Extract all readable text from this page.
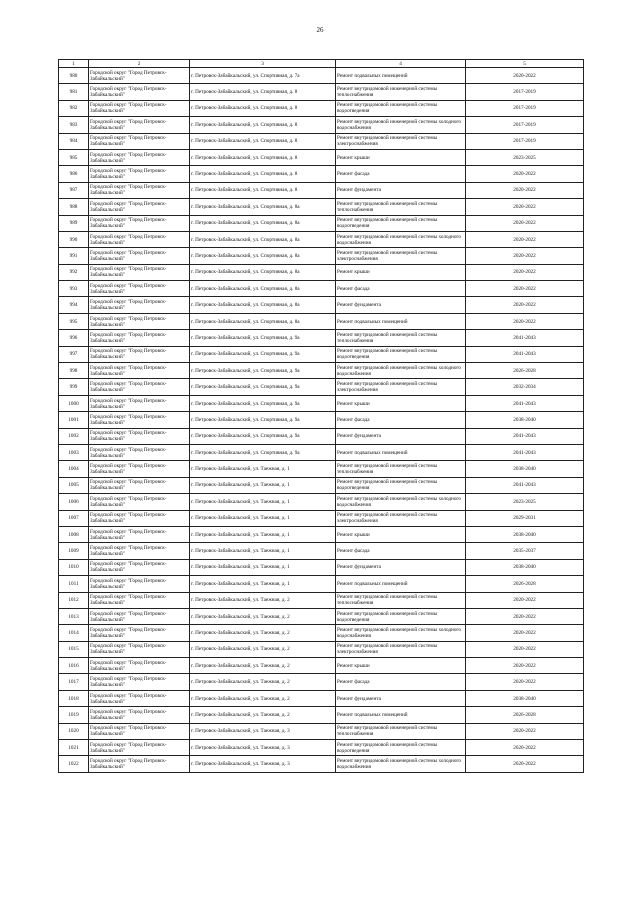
26
1	2	3	4	5
980	Городской округ "Город Петровск-Забайкальский"	г. Петровск-Забайкальский, ул. Спортивная, д. 7а	Ремонт подвальных помещений	2020-2022
981	Городской округ "Город Петровск-Забайкальский"	г. Петровск-Забайкальский, ул. Спортивная, д. 8	Ремонт внутридомовой инженерной системы теплоснабжения	2017-2019
982	Городской округ "Город Петровск-Забайкальский"	г. Петровск-Забайкальский, ул. Спортивная, д. 8	Ремонт внутридомовой инженерной системы водоотведения	2017-2019
983	Городской округ "Город Петровск-Забайкальский"	г. Петровск-Забайкальский, ул. Спортивная, д. 8	Ремонт внутридомовой инженерной системы холодного водоснабжения	2017-2019
984	Городской округ "Город Петровск-Забайкальский"	г. Петровск-Забайкальский, ул. Спортивная, д. 8	Ремонт внутридомовой инженерной системы электроснабжения	2017-2019
985	Городской округ "Город Петровск-Забайкальский"	г. Петровск-Забайкальский, ул. Спортивная, д. 8	Ремонт крыши	2023-2025
986	Городской округ "Город Петровск-Забайкальский"	г. Петровск-Забайкальский, ул. Спортивная, д. 8	Ремонт фасада	2020-2022
987	Городской округ "Город Петровск-Забайкальский"	г. Петровск-Забайкальский, ул. Спортивная, д. 8	Ремонт фундамента	2020-2022
988	Городской округ "Город Петровск-Забайкальский"	г. Петровск-Забайкальский, ул. Спортивная, д. 8а	Ремонт внутридомовой инженерной системы теплоснабжения	2020-2022
989	Городской округ "Город Петровск-Забайкальский"	г. Петровск-Забайкальский, ул. Спортивная, д. 8а	Ремонт внутридомовой инженерной системы водоотведения	2020-2022
990	Городской округ "Город Петровск-Забайкальский"	г. Петровск-Забайкальский, ул. Спортивная, д. 8а	Ремонт внутридомовой инженерной системы холодного водоснабжения	2020-2022
991	Городской округ "Город Петровск-Забайкальский"	г. Петровск-Забайкальский, ул. Спортивная, д. 8а	Ремонт внутридомовой инженерной системы электроснабжения	2020-2022
992	Городской округ "Город Петровск-Забайкальский"	г. Петровск-Забайкальский, ул. Спортивная, д. 8а	Ремонт крыши	2020-2022
993	Городской округ "Город Петровск-Забайкальский"	г. Петровск-Забайкальский, ул. Спортивная, д. 8а	Ремонт фасада	2020-2022
994	Городской округ "Город Петровск-Забайкальский"	г. Петровск-Забайкальский, ул. Спортивная, д. 8а	Ремонт фундамента	2020-2022
995	Городской округ "Город Петровск-Забайкальский"	г. Петровск-Забайкальский, ул. Спортивная, д. 8а	Ремонт подвальных помещений	2020-2022
996	Городской округ "Город Петровск-Забайкальский"	г. Петровск-Забайкальский, ул. Спортивная, д. 9а	Ремонт внутридомовой инженерной системы теплоснабжения	2041-2043
997	Городской округ "Город Петровск-Забайкальский"	г. Петровск-Забайкальский, ул. Спортивная, д. 9а	Ремонт внутридомовой инженерной системы водоотведения	2041-2043
998	Городской округ "Город Петровск-Забайкальский"	г. Петровск-Забайкальский, ул. Спортивная, д. 9а	Ремонт внутридомовой инженерной системы холодного водоснабжения	2026-2028
999	Городской округ "Город Петровск-Забайкальский"	г. Петровск-Забайкальский, ул. Спортивная, д. 9а	Ремонт внутридомовой инженерной системы электроснабжения	2032-2034
1000	Городской округ "Город Петровск-Забайкальский"	г. Петровск-Забайкальский, ул. Спортивная, д. 9а	Ремонт крыши	2041-2043
1001	Городской округ "Город Петровск-Забайкальский"	г. Петровск-Забайкальский, ул. Спортивная, д. 9а	Ремонт фасада	2038-2040
1002	Городской округ "Город Петровск-Забайкальский"	г. Петровск-Забайкальский, ул. Спортивная, д. 9а	Ремонт фундамента	2041-2043
1003	Городской округ "Город Петровск-Забайкальский"	г. Петровск-Забайкальский, ул. Спортивная, д. 9а	Ремонт подвальных помещений	2041-2043
1004	Городской округ "Город Петровск-Забайкальский"	г. Петровск-Забайкальский, ул. Таежная, д. 1	Ремонт внутридомовой инженерной системы теплоснабжения	2038-2040
1005	Городской округ "Город Петровск-Забайкальский"	г. Петровск-Забайкальский, ул. Таежная, д. 1	Ремонт внутридомовой инженерной системы водоотведения	2041-2043
1006	Городской округ "Город Петровск-Забайкальский"	г. Петровск-Забайкальский, ул. Таежная, д. 1	Ремонт внутридомовой инженерной системы холодного водоснабжения	2023-2025
1007	Городской округ "Город Петровск-Забайкальский"	г. Петровск-Забайкальский, ул. Таежная, д. 1	Ремонт внутридомовой инженерной системы электроснабжения	2029-2031
1008	Городской округ "Город Петровск-Забайкальский"	г. Петровск-Забайкальский, ул. Таежная, д. 1	Ремонт крыши	2038-2040
1009	Городской округ "Город Петровск-Забайкальский"	г. Петровск-Забайкальский, ул. Таежная, д. 1	Ремонт фасада	2035-2037
1010	Городской округ "Город Петровск-Забайкальский"	г. Петровск-Забайкальский, ул. Таежная, д. 1	Ремонт фундамента	2038-2040
1011	Городской округ "Город Петровск-Забайкальский"	г. Петровск-Забайкальский, ул. Таежная, д. 1	Ремонт подвальных помещений	2026-2028
1012	Городской округ "Город Петровск-Забайкальский"	г. Петровск-Забайкальский, ул. Таежная, д. 2	Ремонт внутридомовой инженерной системы теплоснабжения	2020-2022
1013	Городской округ "Город Петровск-Забайкальский"	г. Петровск-Забайкальский, ул. Таежная, д. 2	Ремонт внутридомовой инженерной системы водоотведения	2020-2022
1014	Городской округ "Город Петровск-Забайкальский"	г. Петровск-Забайкальский, ул. Таежная, д. 2	Ремонт внутридомовой инженерной системы холодного водоснабжения	2020-2022
1015	Городской округ "Город Петровск-Забайкальский"	г. Петровск-Забайкальский, ул. Таежная, д. 2	Ремонт внутридомовой инженерной системы электроснабжения	2020-2022
1016	Городской округ "Город Петровск-Забайкальский"	г. Петровск-Забайкальский, ул. Таежная, д. 2	Ремонт крыши	2020-2022
1017	Городской округ "Город Петровск-Забайкальский"	г. Петровск-Забайкальский, ул. Таежная, д. 2	Ремонт фасада	2020-2022
1018	Городской округ "Город Петровск-Забайкальский"	г. Петровск-Забайкальский, ул. Таежная, д. 2	Ремонт фундамента	2038-2040
1019	Городской округ "Город Петровск-Забайкальский"	г. Петровск-Забайкальский, ул. Таежная, д. 2	Ремонт подвальных помещений	2026-2028
1020	Городской округ "Город Петровск-Забайкальский"	г. Петровск-Забайкальский, ул. Таежная, д. 3	Ремонт внутридомовой инженерной системы теплоснабжения	2020-2022
1021	Городской округ "Город Петровск-Забайкальский"	г. Петровск-Забайкальский, ул. Таежная, д. 3	Ремонт внутридомовой инженерной системы водоотведения	2020-2022
1022	Городской округ "Город Петровск-Забайкальский"	г. Петровск-Забайкальский, ул. Таежная, д. 3	Ремонт внутридомовой инженерной системы холодного водоснабжения	2020-2022
